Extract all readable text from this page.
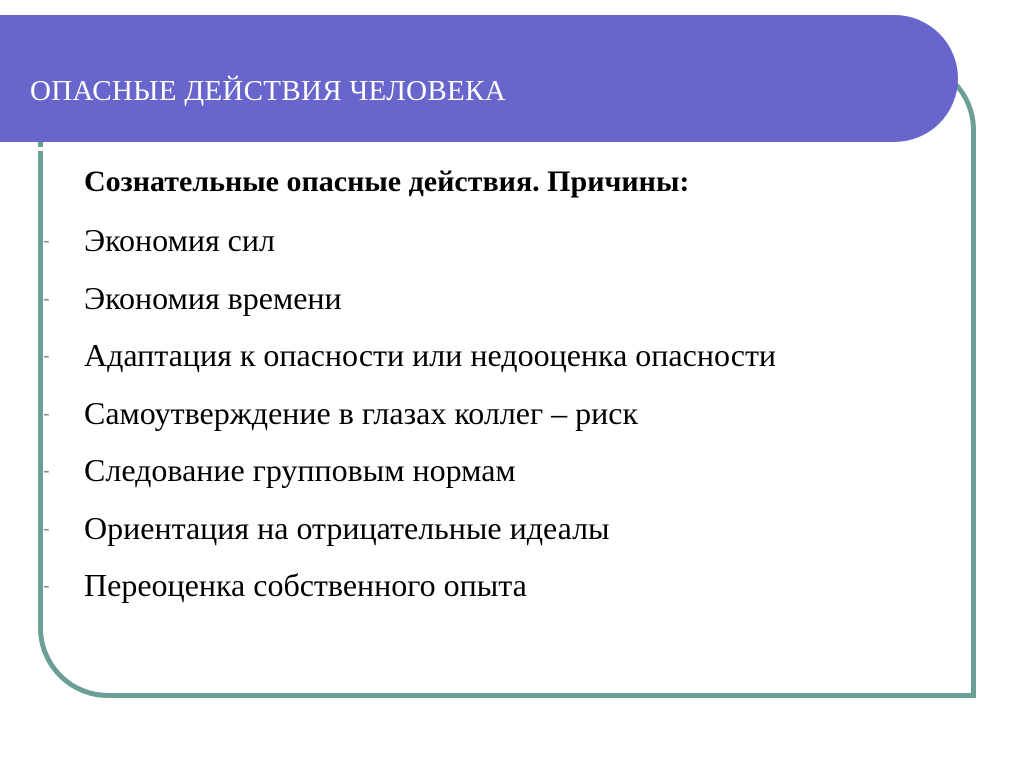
ОПАСНЫЕ ДЕЙСТВИЯ ЧЕЛОВЕКА
Сознательные опасные действия. Причины:
- Экономия сил
- Экономия времени
- Адаптация к опасности или недооценка опасности
- Самоутверждение в глазах коллег – риск
- Следование групповым нормам
- Ориентация на отрицательные идеалы
- Переоценка собственного опыта
